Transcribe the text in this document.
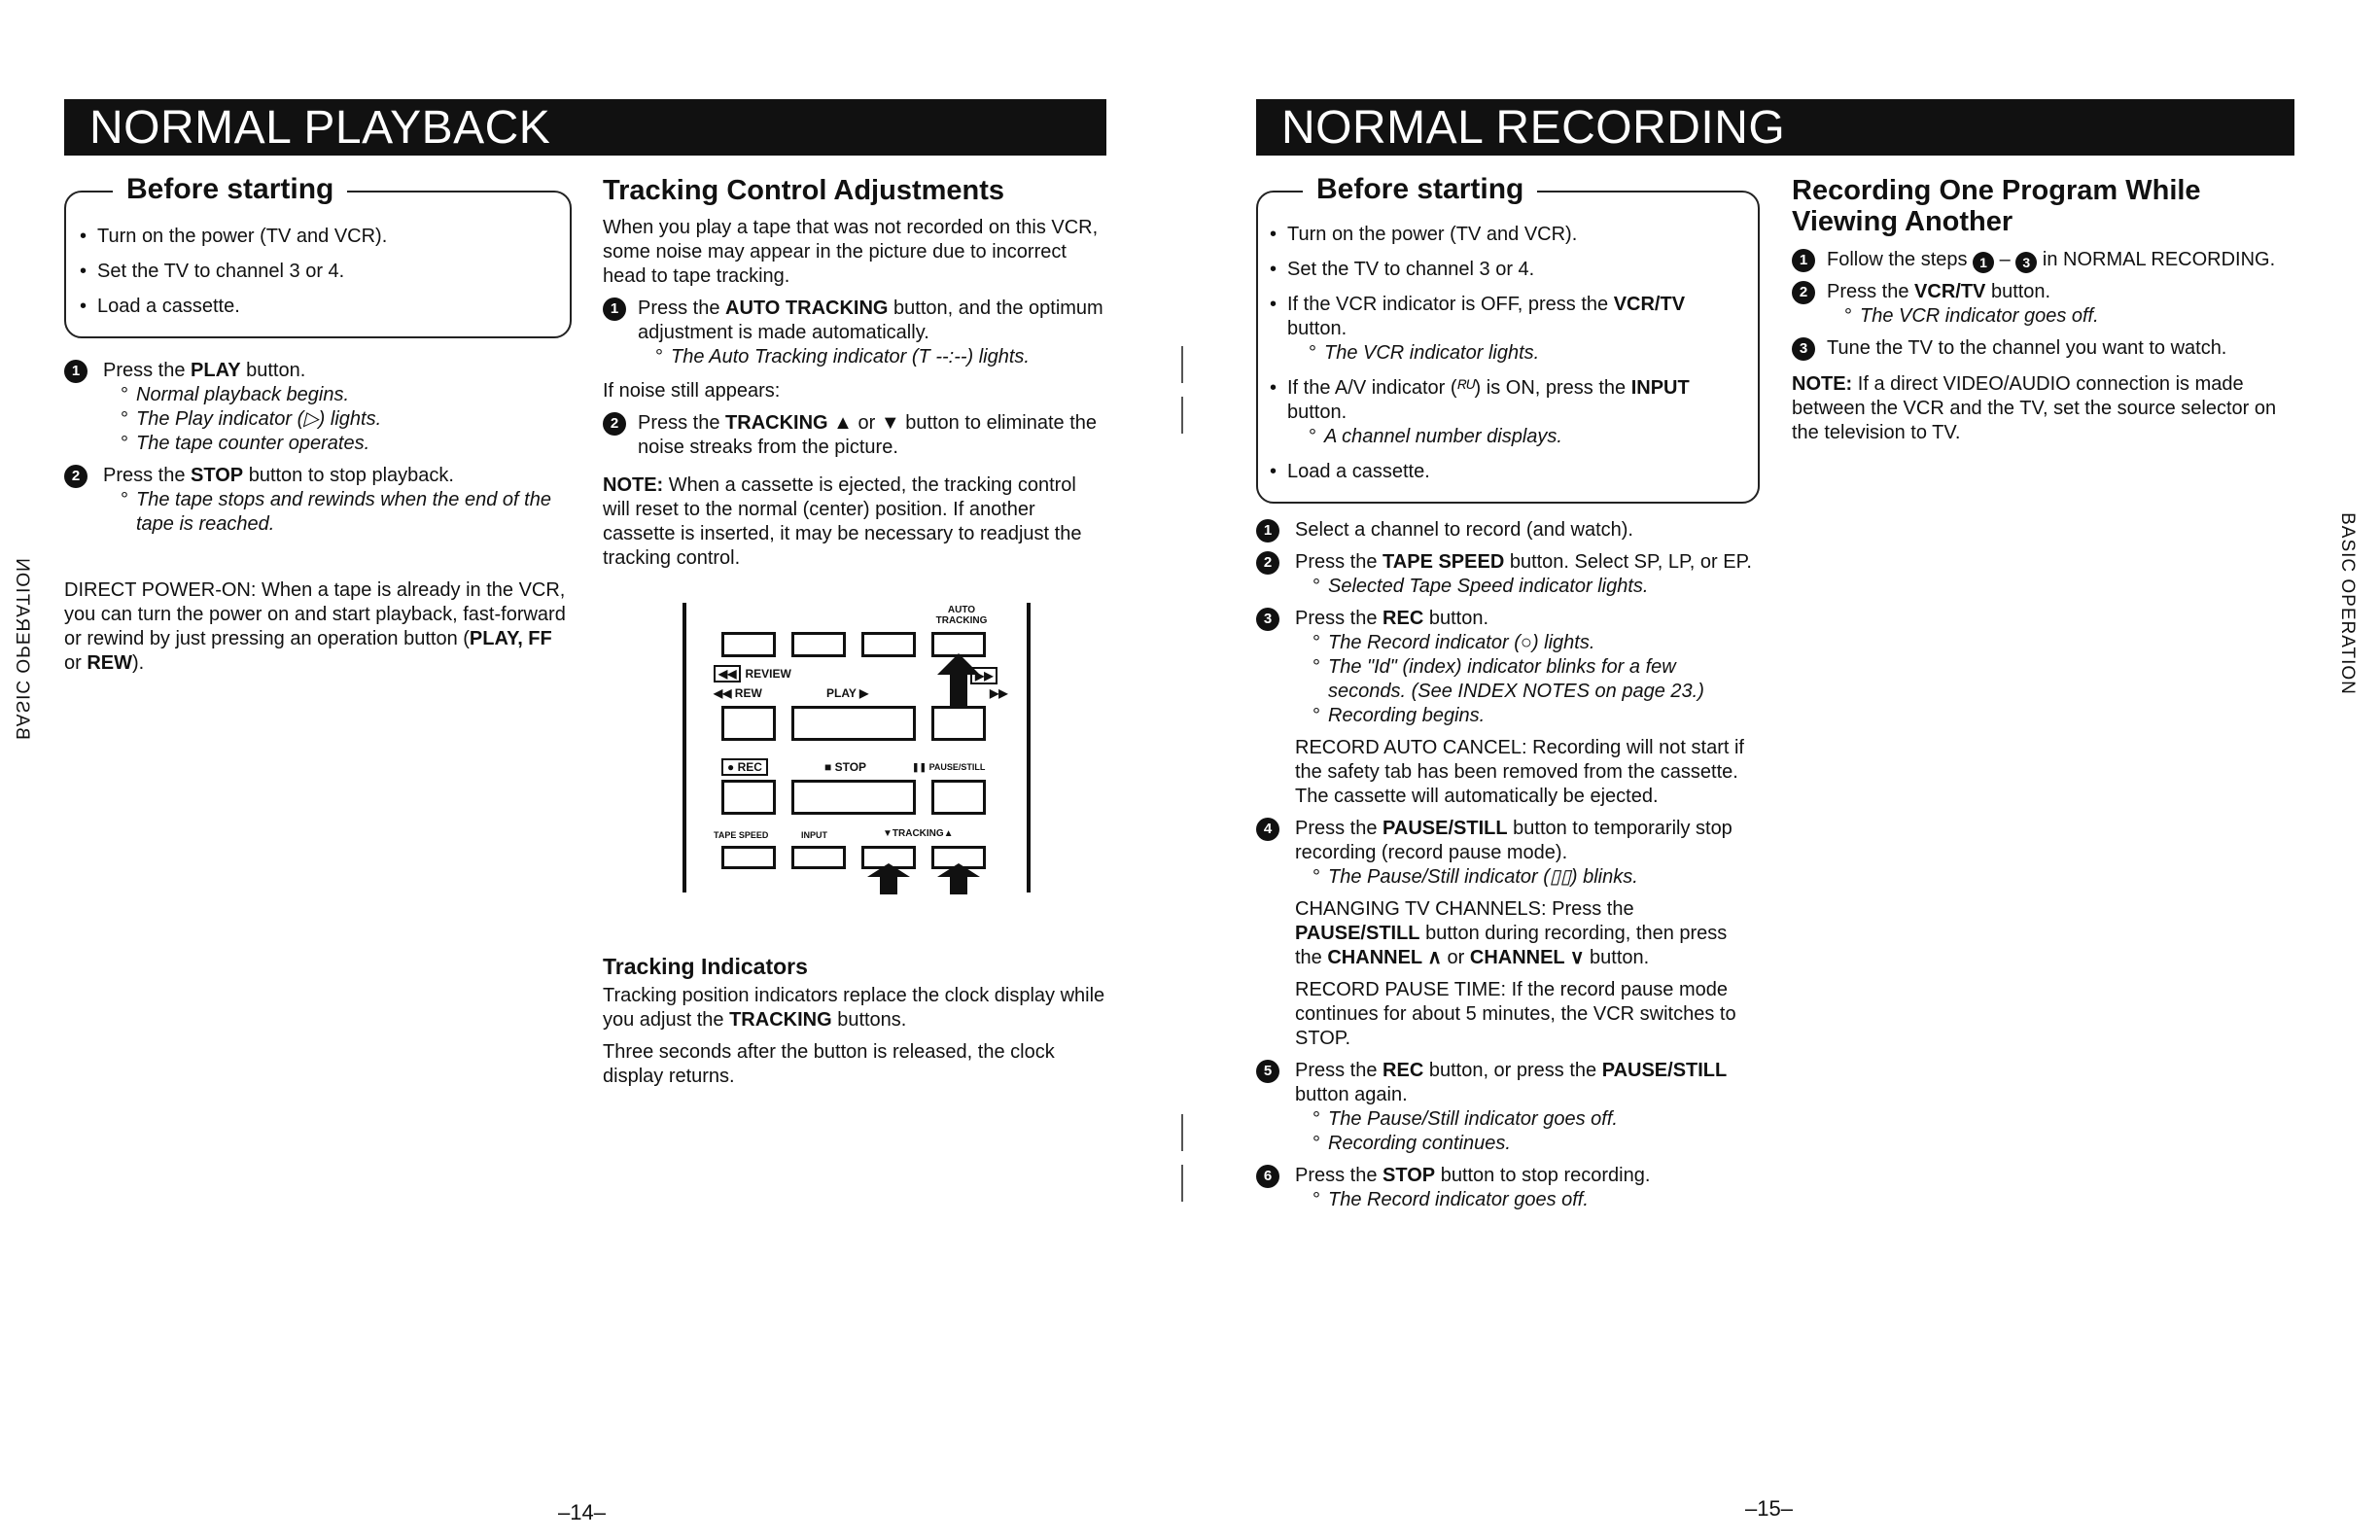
NORMAL PLAYBACK
Before starting
• Turn on the power (TV and VCR).
• Set the TV to channel 3 or 4.
• Load a cassette.
1	Press the PLAY button.
° Normal playback begins.
° The Play indicator (▷) lights.
° The tape counter operates.
2	Press the STOP button to stop playback.
° The tape stops and rewinds when the end of the tape is reached.
DIRECT POWER-ON: When a tape is already in the VCR, you can turn the power on and start playback, fast-forward or rewind by just pressing an operation button (PLAY, FF or REW).
Tracking Control Adjustments
When you play a tape that was not recorded on this VCR, some noise may appear in the picture due to incorrect head to tape tracking.
1 Press the AUTO TRACKING button, and the optimum adjustment is made automatically.
° The Auto Tracking indicator (T --:--) lights.
If noise still appears:
2 Press the TRACKING ▲ or ▼ button to eliminate the noise streaks from the picture.
NOTE: When a cassette is ejected, the tracking control will reset to the normal (center) position. If another cassette is inserted, it may be necessary to readjust the tracking control.
AUTO TRACKING
◀◀ REVIEW
◀◀ REW	PLAY ▶	▶▶
▶▶
● REC	■ STOP	❚❚ PAUSE/STILL
TAPE SPEED	INPUT	▼TRACKING▲
Tracking Indicators
Tracking position indicators replace the clock display while you adjust the TRACKING buttons.
Three seconds after the button is released, the clock display returns.
BASIC OPERATION
–14–
NORMAL RECORDING
Before starting
• Turn on the power (TV and VCR).
• Set the TV to channel 3 or 4.
• If the VCR indicator is OFF, press the VCR/TV button.
° The VCR indicator lights.
• If the A/V indicator (ᴿᵁ) is ON, press the INPUT button.
° A channel number displays.
• Load a cassette.
1	Select a channel to record (and watch).
2	Press the TAPE SPEED button. Select SP, LP, or EP.
° Selected Tape Speed indicator lights.
3	Press the REC button.
° The Record indicator (○) lights.
° The "Id" (index) indicator blinks for a few seconds. (See INDEX NOTES on page 23.)
° Recording begins.
RECORD AUTO CANCEL: Recording will not start if the safety tab has been removed from the cassette. The cassette will automatically be ejected.
4	Press the PAUSE/STILL button to temporarily stop recording (record pause mode).
° The Pause/Still indicator (▯▯) blinks.
CHANGING TV CHANNELS: Press the PAUSE/STILL button during recording, then press the CHANNEL ∧ or CHANNEL ∨ button.
RECORD PAUSE TIME: If the record pause mode continues for about 5 minutes, the VCR switches to STOP.
5	Press the REC button, or press the PAUSE/STILL button again.
° The Pause/Still indicator goes off.
° Recording continues.
6	Press the STOP button to stop recording.
° The Record indicator goes off.
Recording One Program While Viewing Another
1 Follow the steps 1 – 3 in NORMAL RECORDING.
2 Press the VCR/TV button.
° The VCR indicator goes off.
3 Tune the TV to the channel you want to watch.
NOTE: If a direct VIDEO/AUDIO connection is made between the VCR and the TV, set the source selector on the television to TV.
BASIC OPERATION
–15–
